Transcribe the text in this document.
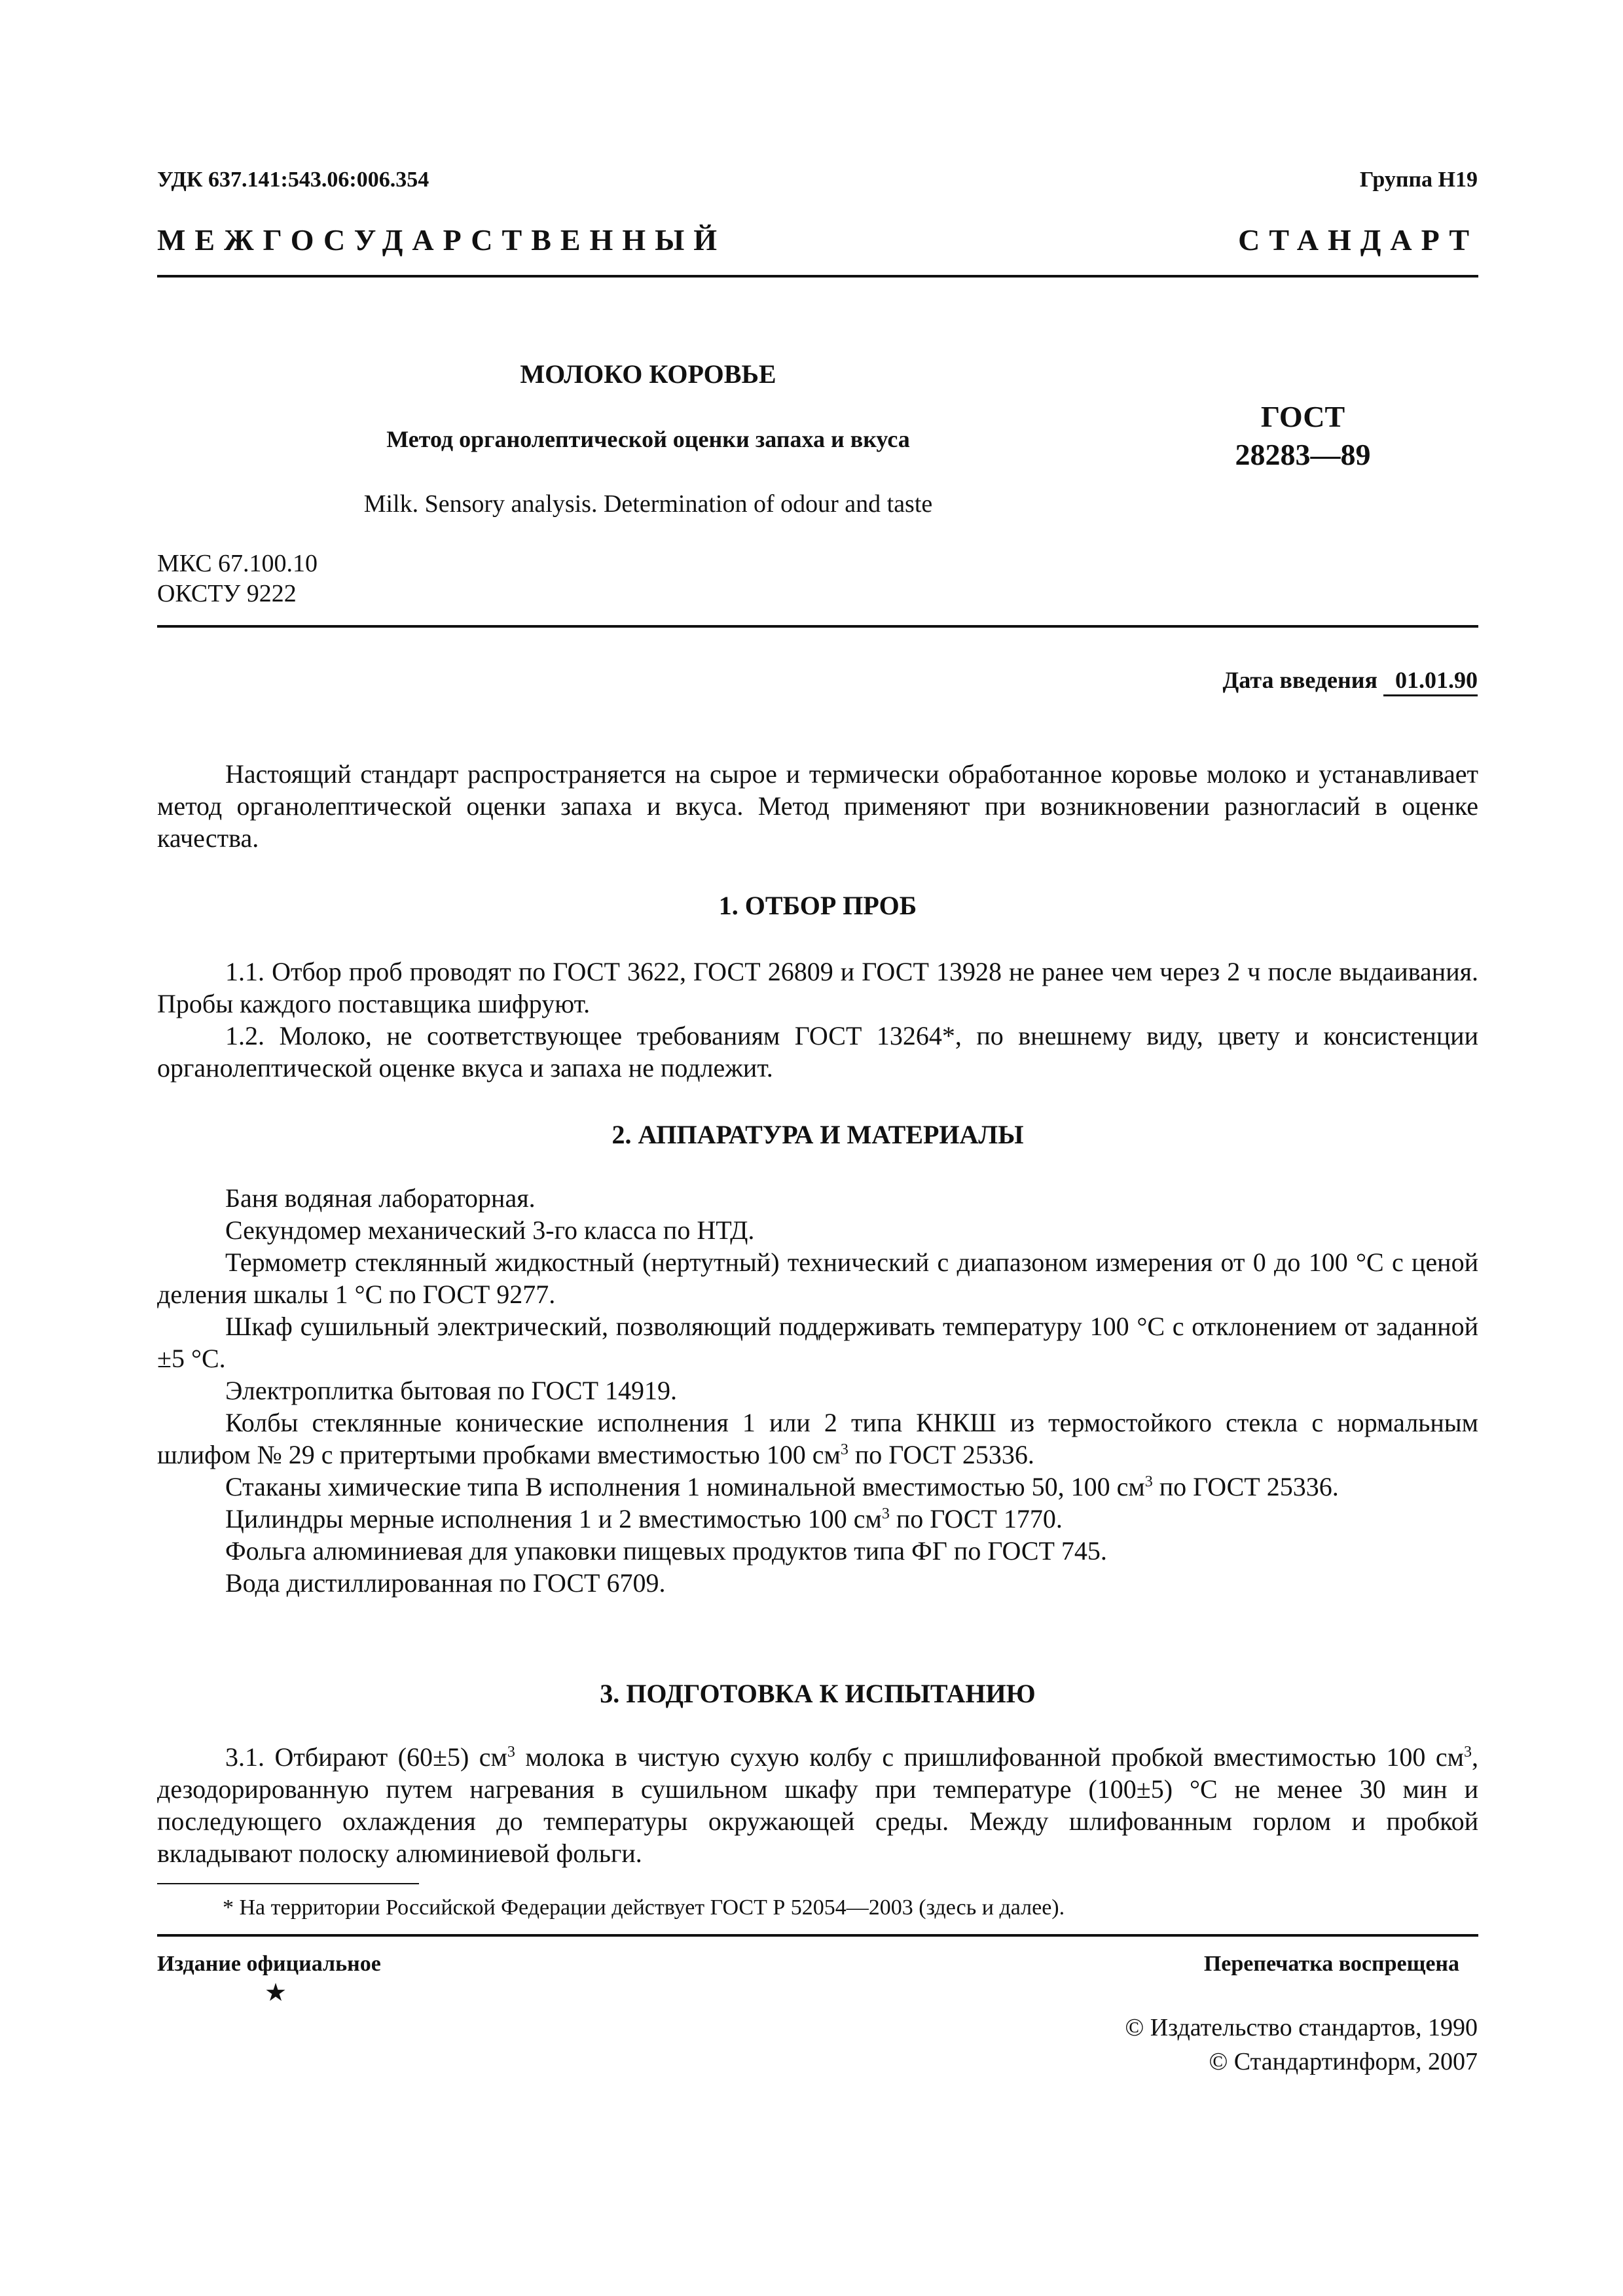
УДК 637.141:543.06:006.354	Группа Н19
МЕЖГОСУДАРСТВЕННЫЙ СТАНДАРТ
МОЛОКО КОРОВЬЕ
Метод органолептической оценки запаха и вкуса
Milk. Sensory analysis. Determination of odour and taste
ГОСТ
28283—89
МКС 67.100.10
ОКСТУ 9222
Дата введения 01.01.90

Настоящий стандарт распространяется на сырое и термически обработанное коровье молоко и устанавливает метод органолептической оценки запаха и вкуса. Метод применяют при возникновении разногласий в оценке качества.

1. ОТБОР ПРОБ

1.1. Отбор проб проводят по ГОСТ 3622, ГОСТ 26809 и ГОСТ 13928 не ранее чем через 2 ч после выдаивания. Пробы каждого поставщика шифруют.

1.2. Молоко, не соответствующее требованиям ГОСТ 13264*, по внешнему виду, цвету и консистенции органолептической оценке вкуса и запаха не подлежит.

2. АППАРАТУРА И МАТЕРИАЛЫ

Баня водяная лабораторная.

Секундомер механический 3-го класса по НТД.

Термометр стеклянный жидкостный (нертутный) технический с диапазоном измерения от 0 до 100 °С с ценой деления шкалы 1 °С по ГОСТ 9277.

Шкаф сушильный электрический, позволяющий поддерживать температуру 100 °С с отклонением от заданной ±5 °С.

Электроплитка бытовая по ГОСТ 14919.

Колбы стеклянные конические исполнения 1 или 2 типа КНКШ из термостойкого стекла с нормальным шлифом № 29 с притертыми пробками вместимостью 100 $см^3$ по ГОСТ 25336.

Стаканы химические типа В исполнения 1 номинальной вместимостью 50, 100 $см^3$ по ГОСТ 25336.

Цилиндры мерные исполнения 1 и 2 вместимостью 100 $см^3$ по ГОСТ 1770.

Фольга алюминиевая для упаковки пищевых продуктов типа ФГ по ГОСТ 745.

Вода дистиллированная по ГОСТ 6709.

3. ПОДГОТОВКА К ИСПЫТАНИЮ

3.1. Отбирают (60±5) $см^3$ молока в чистую сухую колбу с пришлифованной пробкой вместимостью 100 $см^3$, дезодорированную путем нагревания в сушильном шкафу при температуре (100±5) °С не менее 30 мин и последующего охлаждения до температуры окружающей среды. Между шлифованным горлом и пробкой вкладывают полоску алюминиевой фольги.

* На территории Российской Федерации действует ГОСТ Р 52054—2003 (здесь и далее).
Издание официальное
★
Перепечатка воспрещена
© Издательство стандартов, 1990
© Стандартинформ, 2007
